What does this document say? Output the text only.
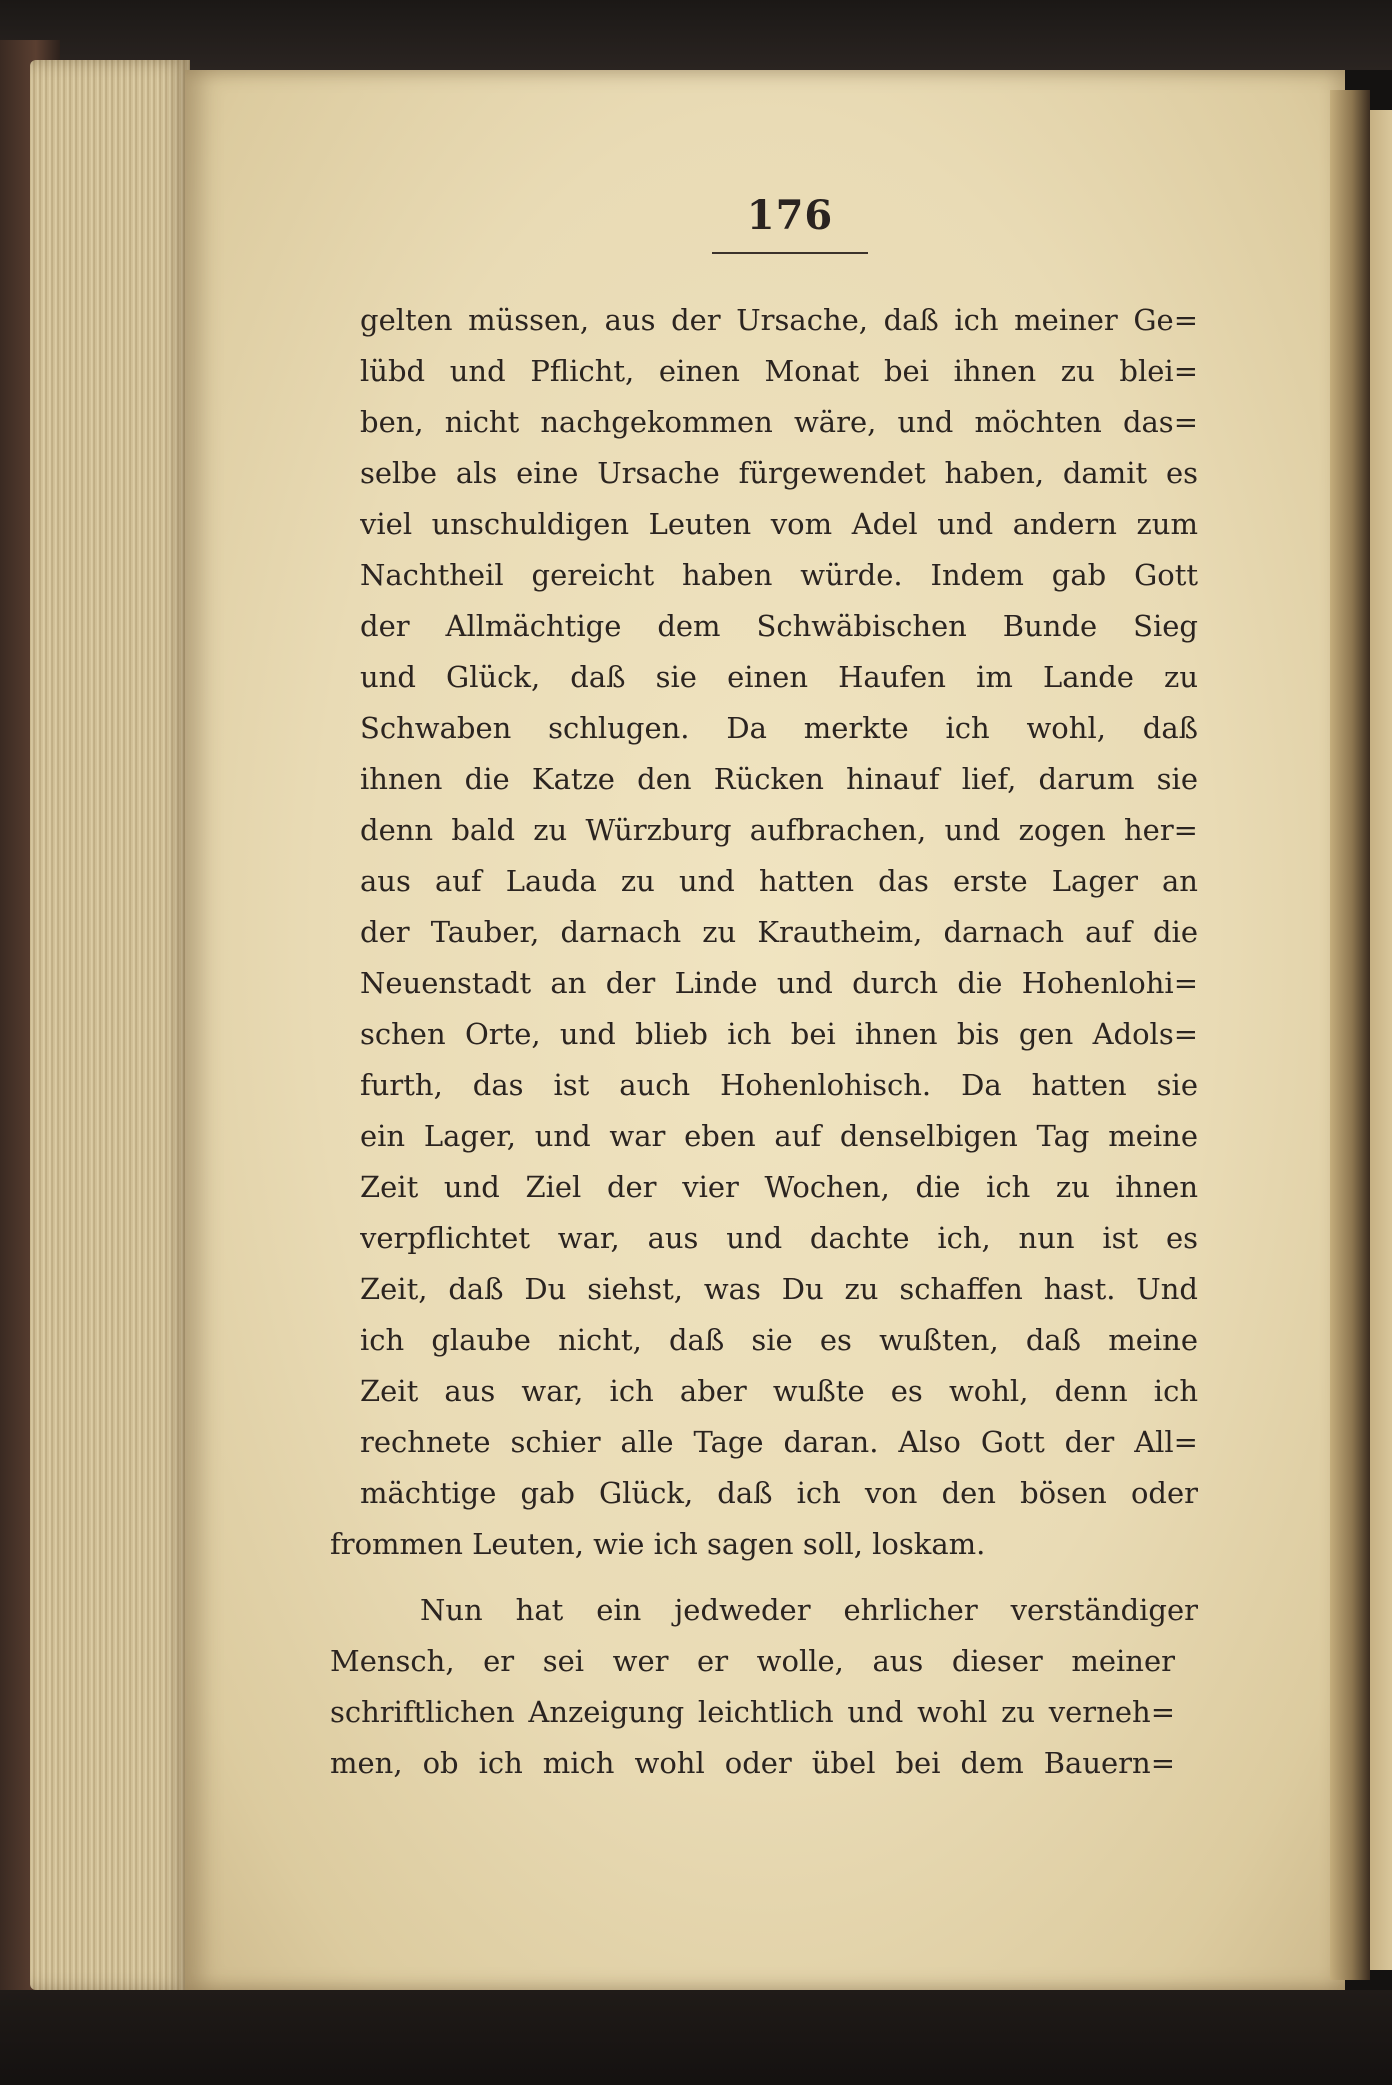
176
gelten müssen, aus der Ursache, daß ich meiner Ge=
lübd und Pflicht, einen Monat bei ihnen zu blei=
ben, nicht nachgekommen wäre, und möchten das=
selbe als eine Ursache fürgewendet haben, damit es
viel unschuldigen Leuten vom Adel und andern zum
Nachtheil gereicht haben würde. Indem gab Gott
der Allmächtige dem Schwäbischen Bunde Sieg
und Glück, daß sie einen Haufen im Lande zu
Schwaben schlugen. Da merkte ich wohl, daß
ihnen die Katze den Rücken hinauf lief, darum sie
denn bald zu Würzburg aufbrachen, und zogen her=
aus auf Lauda zu und hatten das erste Lager an
der Tauber, darnach zu Krautheim, darnach auf die
Neuenstadt an der Linde und durch die Hohenlohi=
schen Orte, und blieb ich bei ihnen bis gen Adols=
furth, das ist auch Hohenlohisch. Da hatten sie
ein Lager, und war eben auf denselbigen Tag meine
Zeit und Ziel der vier Wochen, die ich zu ihnen
verpflichtet war, aus und dachte ich, nun ist es
Zeit, daß Du siehst, was Du zu schaffen hast. Und
ich glaube nicht, daß sie es wußten, daß meine
Zeit aus war, ich aber wußte es wohl, denn ich
rechnete schier alle Tage daran. Also Gott der All=
mächtige gab Glück, daß ich von den bösen oder
frommen Leuten, wie ich sagen soll, loskam.
Nun hat ein jedweder ehrlicher verständiger
Mensch, er sei wer er wolle, aus dieser meiner
schriftlichen Anzeigung leichtlich und wohl zu verneh=
men, ob ich mich wohl oder übel bei dem Bauern=
